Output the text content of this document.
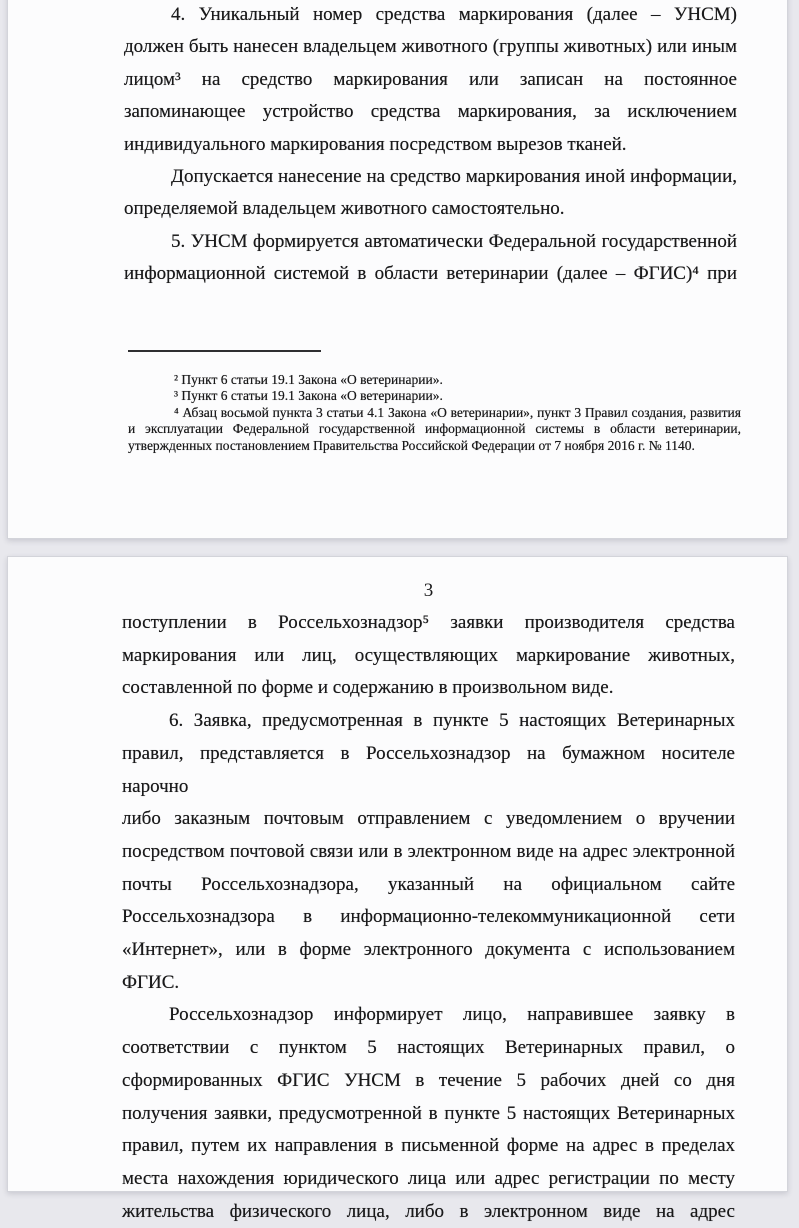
4. Уникальный номер средства маркирования (далее – УНСМ)
должен быть нанесен владельцем животного (группы животных) или иным
лицом³ на средство маркирования или записан на постоянное
запоминающее устройство средства маркирования, за исключением
индивидуального маркирования посредством вырезов тканей.
Допускается нанесение на средство маркирования иной информации,
определяемой владельцем животного самостоятельно.
5. УНСМ формируется автоматически Федеральной государственной
информационной системой в области ветеринарии (далее – ФГИС)⁴ при
² Пункт 6 статьи 19.1 Закона «О ветеринарии».
³ Пункт 6 статьи 19.1 Закона «О ветеринарии».
⁴ Абзац восьмой пункта 3 статьи 4.1 Закона «О ветеринарии», пункт 3 Правил создания, развития
и эксплуатации Федеральной государственной информационной системы в области ветеринарии,
утвержденных постановлением Правительства Российской Федерации от 7 ноября 2016 г. № 1140.
3
поступлении в Россельхознадзор⁵ заявки производителя средства
маркирования или лиц, осуществляющих маркирование животных,
составленной по форме и содержанию в произвольном виде.
6. Заявка, предусмотренная в пункте 5 настоящих Ветеринарных
правил, представляется в Россельхознадзор на бумажном носителе нарочно
либо заказным почтовым отправлением с уведомлением о вручении
посредством почтовой связи или в электронном виде на адрес электронной
почты Россельхознадзора, указанный на официальном сайте
Россельхознадзора в информационно-телекоммуникационной сети
«Интернет», или в форме электронного документа с использованием
ФГИС.
Россельхознадзор информирует лицо, направившее заявку в
соответствии с пунктом 5 настоящих Ветеринарных правил, о
сформированных ФГИС УНСМ в течение 5 рабочих дней со дня
получения заявки, предусмотренной в пункте 5 настоящих Ветеринарных
правил, путем их направления в письменной форме на адрес в пределах
места нахождения юридического лица или адрес регистрации по месту
жительства физического лица, либо в электронном виде на адрес
